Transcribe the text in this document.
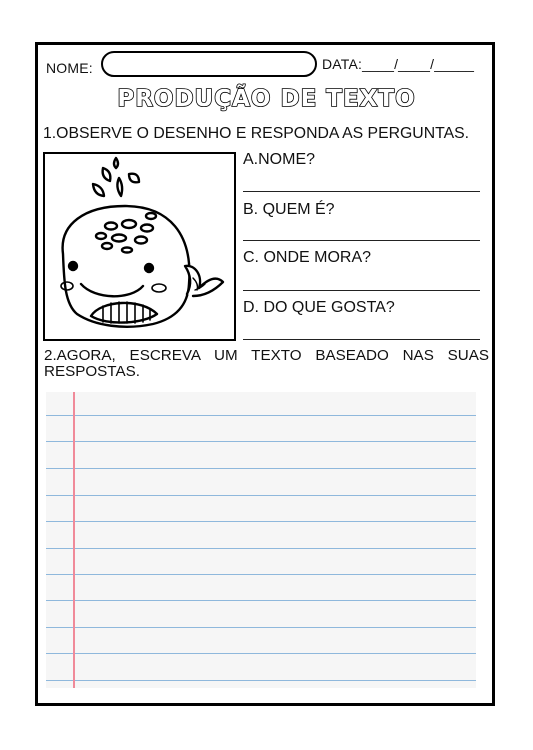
NOME:	DATA:____/____/_____
PRODUÇÃO DE TEXTO
1.OBSERVE O DESENHO E RESPONDA AS PERGUNTAS.
A.NOME?
B. QUEM É?
C. ONDE MORA?
D. DO QUE GOSTA?
2.AGORA, ESCREVA UM TEXTO BASEADO NAS SUAS RESPOSTAS.
